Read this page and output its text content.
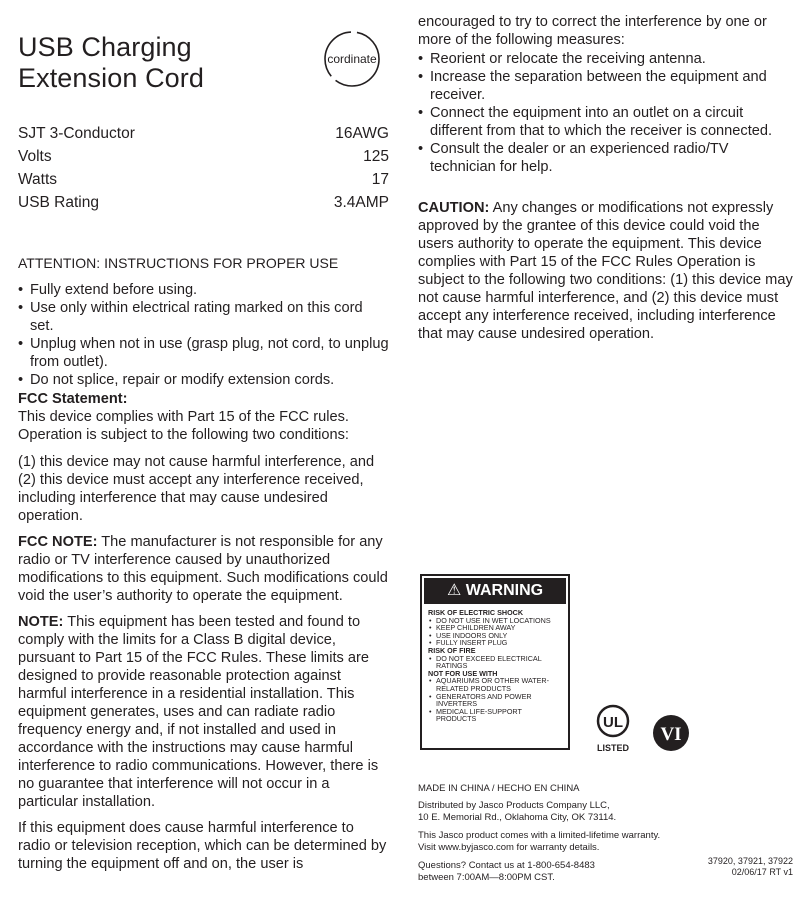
USB Charging
Extension Cord
cordinate
SJT 3-Conductor	16AWG
Volts	125
Watts	17
USB Rating	3.4AMP

ATTENTION: INSTRUCTIONS FOR PROPER USE

• Fully extend before using.
• Use only within electrical rating marked on this cord set.
• Unplug when not in use (grasp plug, not cord, to unplug from outlet).
• Do not splice, repair or modify extension cords.

FCC Statement:
This device complies with Part 15 of the FCC rules. Operation is subject to the following two conditions:

(1) this device may not cause harmful interference, and (2) this device must accept any interference received, including interference that may cause undesired operation.

FCC NOTE: The manufacturer is not responsible for any radio or TV interference caused by unauthorized modifications to this equipment. Such modifications could void the user’s authority to operate the equipment.

NOTE: This equipment has been tested and found to comply with the limits for a Class B digital device, pursuant to Part 15 of the FCC Rules. These limits are designed to provide reasonable protection against harmful interference in a residential installation. This equipment generates, uses and can radiate radio frequency energy and, if not installed and used in accordance with the instructions may cause harmful interference to radio communications. However, there is no guarantee that interference will not occur in a particular installation.

If this equipment does cause harmful interference to radio or television reception, which can be determined by turning the equipment off and on, the user is

encouraged to try to correct the interference by one or more of the following measures:

• Reorient or relocate the receiving antenna.
• Increase the separation between the equipment and receiver.
• Connect the equipment into an outlet on a circuit different from that to which the receiver is connected.
• Consult the dealer or an experienced radio/TV technician for help.

CAUTION: Any changes or modifications not expressly approved by the grantee of this device could void the users authority to operate the equipment. This device complies with Part 15 of the FCC Rules Operation is subject to the following two conditions: (1) this device may not cause harmful interference, and (2) this device must accept any interference received, including interference that may cause undesired operation.

⚠ WARNING
RISK OF ELECTRIC SHOCK
• DO NOT USE IN WET LOCATIONS
• KEEP CHILDREN AWAY
• USE INDOORS ONLY
• FULLY INSERT PLUG
RISK OF FIRE
• DO NOT EXCEED ELECTRICAL RATINGS
NOT FOR USE WITH
• AQUARIUMS OR OTHER WATER-RELATED PRODUCTS
• GENERATORS AND POWER INVERTERS
• MEDICAL LIFE-SUPPORT PRODUCTS	UL
LISTED
VI

MADE IN CHINA / HECHO EN CHINA

Distributed by Jasco Products Company LLC,
10 E. Memorial Rd., Oklahoma City, OK 73114.

This Jasco product comes with a limited-lifetime warranty.
Visit www.byjasco.com for warranty details.

Questions? Contact us at 1-800-654-8483
between 7:00AM—8:00PM CST.

37920, 37921, 37922
02/06/17 RT v1
